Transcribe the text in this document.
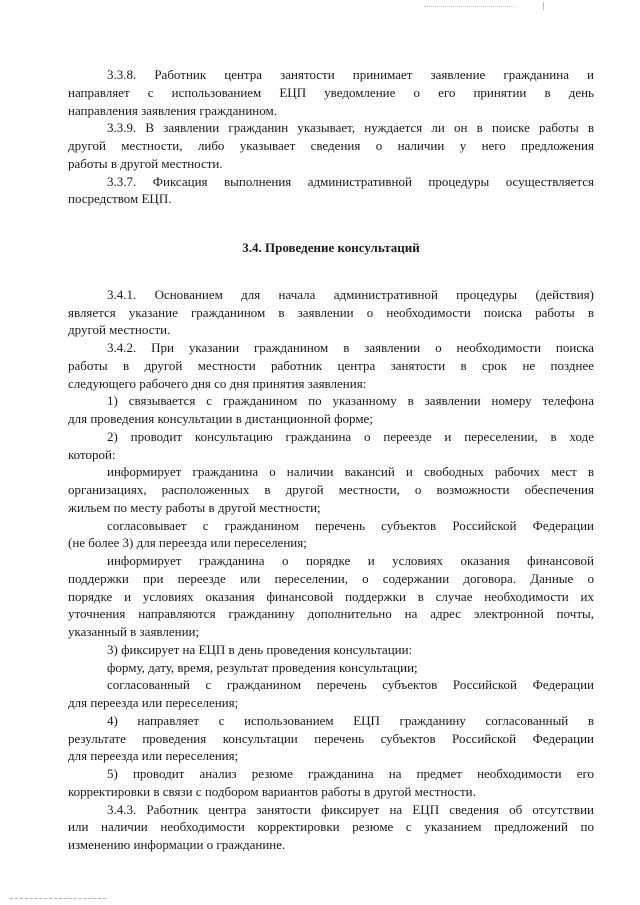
3.3.8. Работник центра занятости принимает заявление гражданина и
направляет с использованием ЕЦП уведомление о его принятии в день
направления заявления гражданином.
3.3.9. В заявлении гражданин указывает, нуждается ли он в поиске работы в
другой местности, либо указывает сведения о наличии у него предложения
работы в другой местности.
3.3.7. Фиксация выполнения административной процедуры осуществляется
посредством ЕЦП.
3.4. Проведение консультаций
3.4.1. Основанием для начала административной процедуры (действия)
является указание гражданином в заявлении о необходимости поиска работы в
другой местности.
3.4.2. При указании гражданином в заявлении о необходимости поиска
работы в другой местности работник центра занятости в срок не позднее
следующего рабочего дня со дня принятия заявления:
1) связывается с гражданином по указанному в заявлении номеру телефона
для проведения консультации в дистанционной форме;
2) проводит консультацию гражданина о переезде и переселении, в ходе
которой:
информирует гражданина о наличии вакансий и свободных рабочих мест в
организациях, расположенных в другой местности, о возможности обеспечения
жильем по месту работы в другой местности;
согласовывает с гражданином перечень субъектов Российской Федерации
(не более 3) для переезда или переселения;
информирует гражданина о порядке и условиях оказания финансовой
поддержки при переезде или переселении, о содержании договора. Данные о
порядке и условиях оказания финансовой поддержки в случае необходимости их
уточнения направляются гражданину дополнительно на адрес электронной почты,
указанный в заявлении;
3) фиксирует на ЕЦП в день проведения консультации:
форму, дату, время, результат проведения консультации;
согласованный с гражданином перечень субъектов Российской Федерации
для переезда или переселения;
4) направляет с использованием ЕЦП гражданину согласованный в
результате проведения консультации перечень субъектов Российской Федерации
для переезда или переселения;
5) проводит анализ резюме гражданина на предмет необходимости его
корректировки в связи с подбором вариантов работы в другой местности.
3.4.3. Работник центра занятости фиксирует на ЕЦП сведения об отсутствии
или наличии необходимости корректировки резюме с указанием предложений по
изменению информации о гражданине.
